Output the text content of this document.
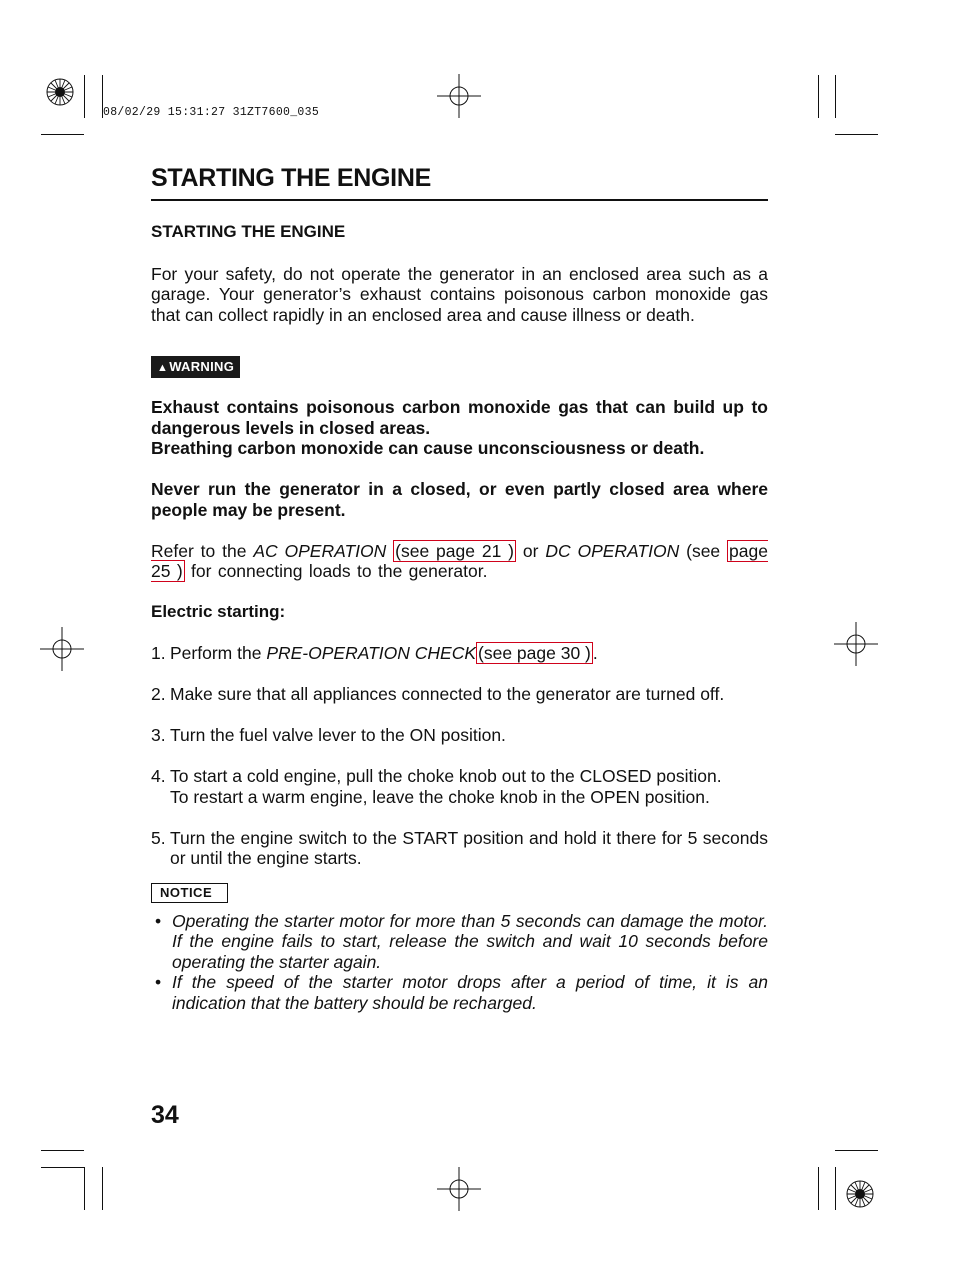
08/02/29 15:31:27 31ZT7600_035
STARTING THE ENGINE

STARTING THE ENGINE

For your safety, do not operate the generator in an enclosed area such as a garage. Your generator’s exhaust contains poisonous carbon monoxide gas that can collect rapidly in an enclosed area and cause illness or death.

▲WARNING

Exhaust contains poisonous carbon monoxide gas that can build up to dangerous levels in closed areas.

Breathing carbon monoxide can cause unconsciousness or death.

Never run the generator in a closed, or even partly closed area where people may be present.

Refer to the AC OPERATION (see page 21 ) or DC OPERATION (see page 25 ) for connecting loads to the generator.

Electric starting:

1. Perform the PRE-OPERATION CHECK (see page 30 ) .
2. Make sure that all appliances connected to the generator are turned off.
3. Turn the fuel valve lever to the ON position.
4. To start a cold engine, pull the choke knob out to the CLOSED position.
To restart a warm engine, leave the choke knob in the OPEN position.
5. Turn the engine switch to the START position and hold it there for 5 seconds or until the engine starts.
NOTICE
• Operating the starter motor for more than 5 seconds can damage the motor. If the engine fails to start, release the switch and wait 10 seconds before operating the starter again.
• If the speed of the starter motor drops after a period of time, it is an indication that the battery should be recharged.
34
